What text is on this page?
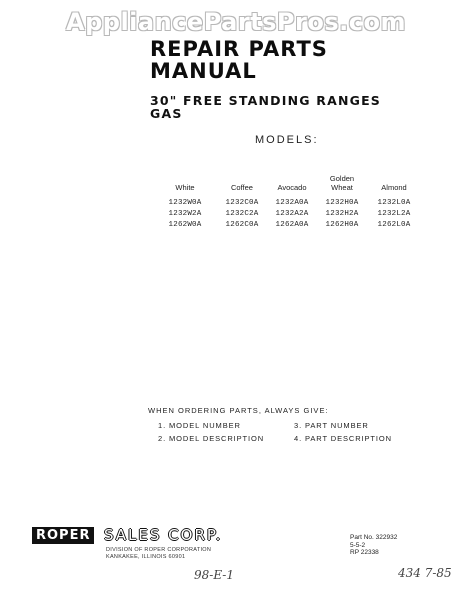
AppliancePartsPros.com
REPAIR PARTS
MANUAL
30" FREE STANDING RANGES
GAS
MODELS:
White
1232W0A
1232W2A
1262W0A
Coffee
1232C0A
1232C2A
1262C0A
Avocado
1232A0A
1232A2A
1262A0A
Golden
Wheat
1232H0A
1232H2A
1262H0A
Almond
1232L0A
1232L2A
1262L0A
WHEN ORDERING PARTS, ALWAYS GIVE:
1. MODEL NUMBER
2. MODEL DESCRIPTION
3. PART NUMBER
4. PART DESCRIPTION
ROPER SALES CORP.
DIVISION OF ROPER CORPORATION
KANKAKEE, ILLINOIS 60901
Part No. 322932
5-5-2
RP 22338
98-E-1	434 7-85
